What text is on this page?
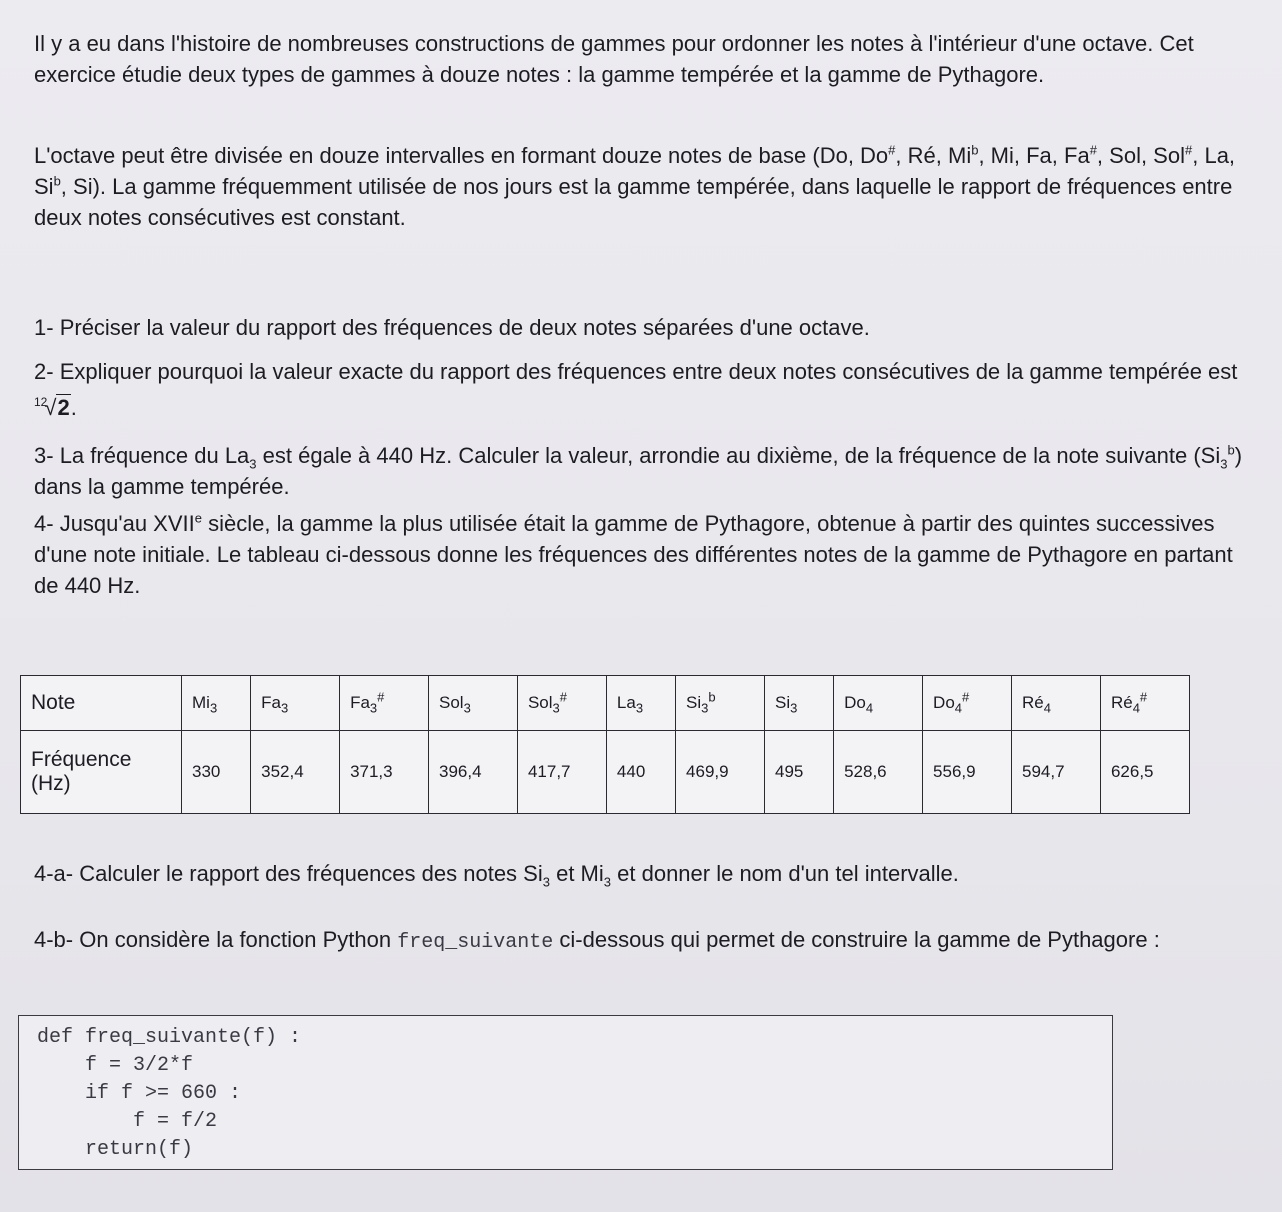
Il y a eu dans l'histoire de nombreuses constructions de gammes pour ordonner les notes à l'intérieur d'une octave. Cet exercice étudie deux types de gammes à douze notes : la gamme tempérée et la gamme de Pythagore.

L'octave peut être divisée en douze intervalles en formant douze notes de base (Do, Do#, Ré, Mi$^b$, Mi, Fa, Fa#, Sol, Sol#, La, Si$^b$, Si). La gamme fréquemment utilisée de nos jours est la gamme tempérée, dans laquelle le rapport de fréquences entre deux notes consécutives est constant.

1- Préciser la valeur du rapport des fréquences de deux notes séparées d'une octave.

2- Expliquer pourquoi la valeur exacte du rapport des fréquences entre deux notes consécutives de la gamme tempérée est $^{12}$√2.

3- La fréquence du $La_3$ est égale à 440 Hz. Calculer la valeur, arrondie au dixième, de la fréquence de la note suivante $(Si_3^b)$ dans la gamme tempérée.

4- Jusqu'au XVIIe siècle, la gamme la plus utilisée était la gamme de Pythagore, obtenue à partir des quintes successives d'une note initiale. Le tableau ci-dessous donne les fréquences des différentes notes de la gamme de Pythagore en partant de 440 Hz.

Note	$Mi_3$	$Fa_3$	$Fa_3^{\#}$	Sol$_3$	Sol$_3$#	$La_3$	$Si_3^b$	$Si_3$	$Do_4$	$Do_4^{\#}$	$Ré_4$	$Ré_4^{\#}$
Fréquence (Hz)	330	352,4	371,3	396,4	417,7	440	469,9	495	528,6	556,9	594,7	626,5

4-a- Calculer le rapport des fréquences des notes $Si_3$ et $Mi_3$ et donner le nom d'un tel intervalle.

4-b- On considère la fonction Python freq_suivante ci-dessous qui permet de construire la gamme de Pythagore :

def freq_suivante(f) :
f = 3/2*f
if f >= 660 :
f = f/2
return(f)
